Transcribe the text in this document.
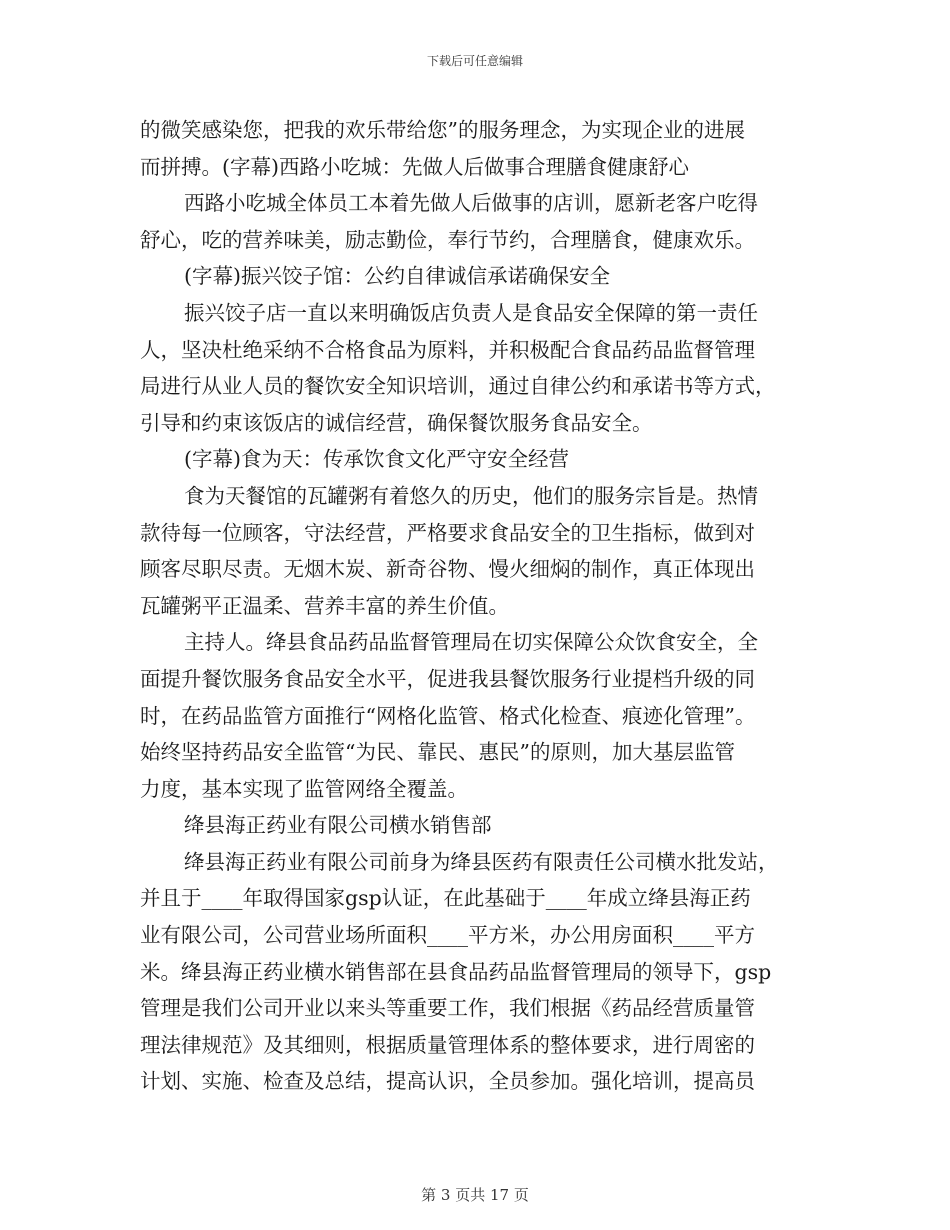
下载后可任意编辑
的微笑感染您，把我的欢乐带给您”的服务理念，为实现企业的进展
而拼搏。(字幕)西路小吃城：先做人后做事合理膳食健康舒心
西路小吃城全体员工本着先做人后做事的店训，愿新老客户吃得
舒心，吃的营养味美，励志勤俭，奉行节约，合理膳食，健康欢乐。
(字幕)振兴饺子馆：公约自律诚信承诺确保安全
振兴饺子店一直以来明确饭店负责人是食品安全保障的第一责任
人，坚决杜绝采纳不合格食品为原料，并积极配合食品药品监督管理
局进行从业人员的餐饮安全知识培训，通过自律公约和承诺书等方式，
引导和约束该饭店的诚信经营，确保餐饮服务食品安全。
(字幕)食为天：传承饮食文化严守安全经营
食为天餐馆的瓦罐粥有着悠久的历史，他们的服务宗旨是。热情
款待每一位顾客，守法经营，严格要求食品安全的卫生指标，做到对
顾客尽职尽责。无烟木炭、新奇谷物、慢火细焖的制作，真正体现出
瓦罐粥平正温柔、营养丰富的养生价值。
主持人。绛县食品药品监督管理局在切实保障公众饮食安全，全
面提升餐饮服务食品安全水平，促进我县餐饮服务行业提档升级的同
时，在药品监管方面推行“网格化监管、格式化检查、痕迹化管理”。
始终坚持药品安全监管“为民、靠民、惠民”的原则，加大基层监管
力度，基本实现了监管网络全覆盖。
绛县海正药业有限公司横水销售部
绛县海正药业有限公司前身为绛县医药有限责任公司横水批发站，
并且于____年取得国家gsp认证，在此基础于____年成立绛县海正药
业有限公司，公司营业场所面积____平方米，办公用房面积____平方
米。绛县海正药业横水销售部在县食品药品监督管理局的领导下，gsp
管理是我们公司开业以来头等重要工作，我们根据《药品经营质量管
理法律规范》及其细则，根据质量管理体系的整体要求，进行周密的
计划、实施、检查及总结，提高认识，全员参加。强化培训，提高员
第 3 页共 17 页
